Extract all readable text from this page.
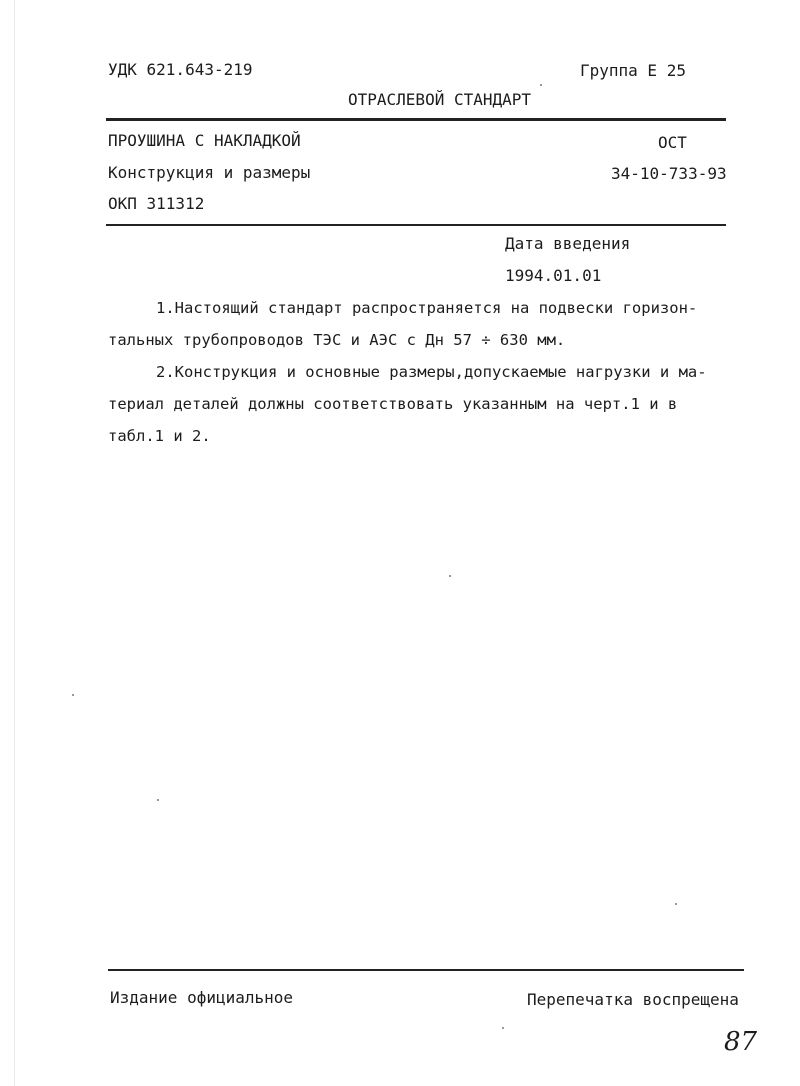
УДК 621.643-219	Группа Е 25
ОТРАСЛЕВОЙ СТАНДАРТ
ПРОУШИНА С НАКЛАДКОЙ	ОСТ
Конструкция и размеры	34-10-733-93
ОКП 311312
Дата введения
1994.01.01
1.Настоящий стандарт распространяется на подвески горизон-
тальных трубопроводов ТЭС и АЭС с Дн 57 ÷ 630 мм.
2.Конструкция и основные размеры,допускаемые нагрузки и ма-
териал деталей должны соответствовать указанным на черт.1 и в
табл.1 и 2.
Издание официальное	Перепечатка воспрещена
87
